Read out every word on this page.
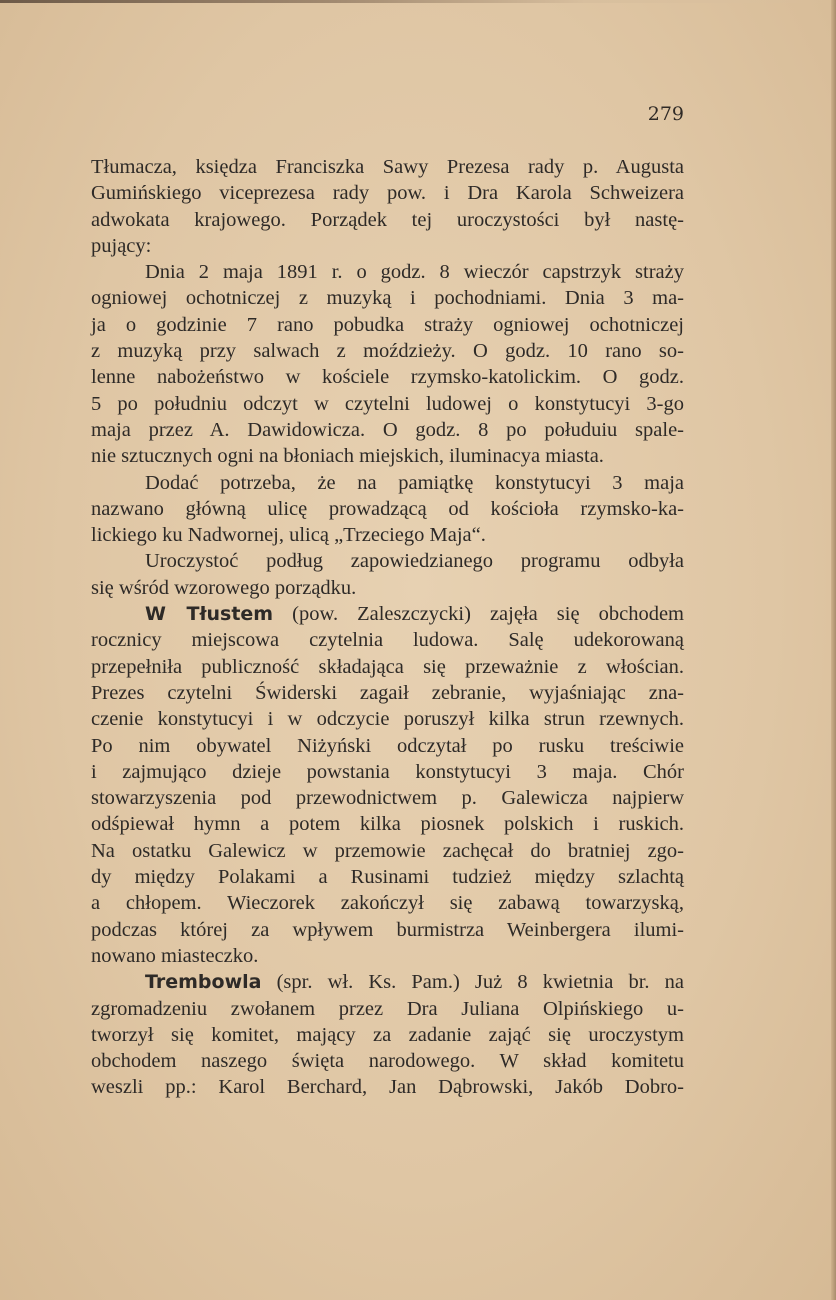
279
Tłumacza, księdza Franciszka Sawy Prezesa rady p. Augusta
Gumińskiego viceprezesa rady pow. i Dra Karola Schweizera
adwokata krajowego. Porządek tej uroczystości był nastę-
pujący:
Dnia 2 maja 1891 r. o godz. 8 wieczór capstrzyk straży
ogniowej ochotniczej z muzyką i pochodniami. Dnia 3 ma-
ja o godzinie 7 rano pobudka straży ogniowej ochotniczej
z muzyką przy salwach z moździeży. O godz. 10 rano so-
lenne nabożeństwo w kościele rzymsko-katolickim. O godz.
5 po południu odczyt w czytelni ludowej o konstytucyi 3-go
maja przez A. Dawidowicza. O godz. 8 po połuduiu spale-
nie sztucznych ogni na błoniach miejskich, iluminacya miasta.
Dodać potrzeba, że na pamiątkę konstytucyi 3 maja
nazwano główną ulicę prowadzącą od kościoła rzymsko-ka-
lickiego ku Nadwornej, ulicą „Trzeciego Maja“.
Uroczystoć podług zapowiedzianego programu odbyła
się wśród wzorowego porządku.
W Tłustem (pow. Zaleszczycki) zajęła się obchodem
rocznicy miejscowa czytelnia ludowa. Salę udekorowaną
przepełniła publiczność składająca się przeważnie z włościan.
Prezes czytelni Świderski zagaił zebranie, wyjaśniając zna-
czenie konstytucyi i w odczycie poruszył kilka strun rzewnych.
Po nim obywatel Niżyński odczytał po rusku treściwie
i zajmująco dzieje powstania konstytucyi 3 maja. Chór
stowarzyszenia pod przewodnictwem p. Galewicza najpierw
odśpiewał hymn a potem kilka piosnek polskich i ruskich.
Na ostatku Galewicz w przemowie zachęcał do bratniej zgo-
dy między Polakami a Rusinami tudzież między szlachtą
a chłopem. Wieczorek zakończył się zabawą towarzyską,
podczas której za wpływem burmistrza Weinbergera ilumi-
nowano miasteczko.
Trembowla (spr. wł. Ks. Pam.) Już 8 kwietnia br. na
zgromadzeniu zwołanem przez Dra Juliana Olpińskiego u-
tworzył się komitet, mający za zadanie zająć się uroczystym
obchodem naszego święta narodowego. W skład komitetu
weszli pp.: Karol Berchard, Jan Dąbrowski, Jakób Dobro-
